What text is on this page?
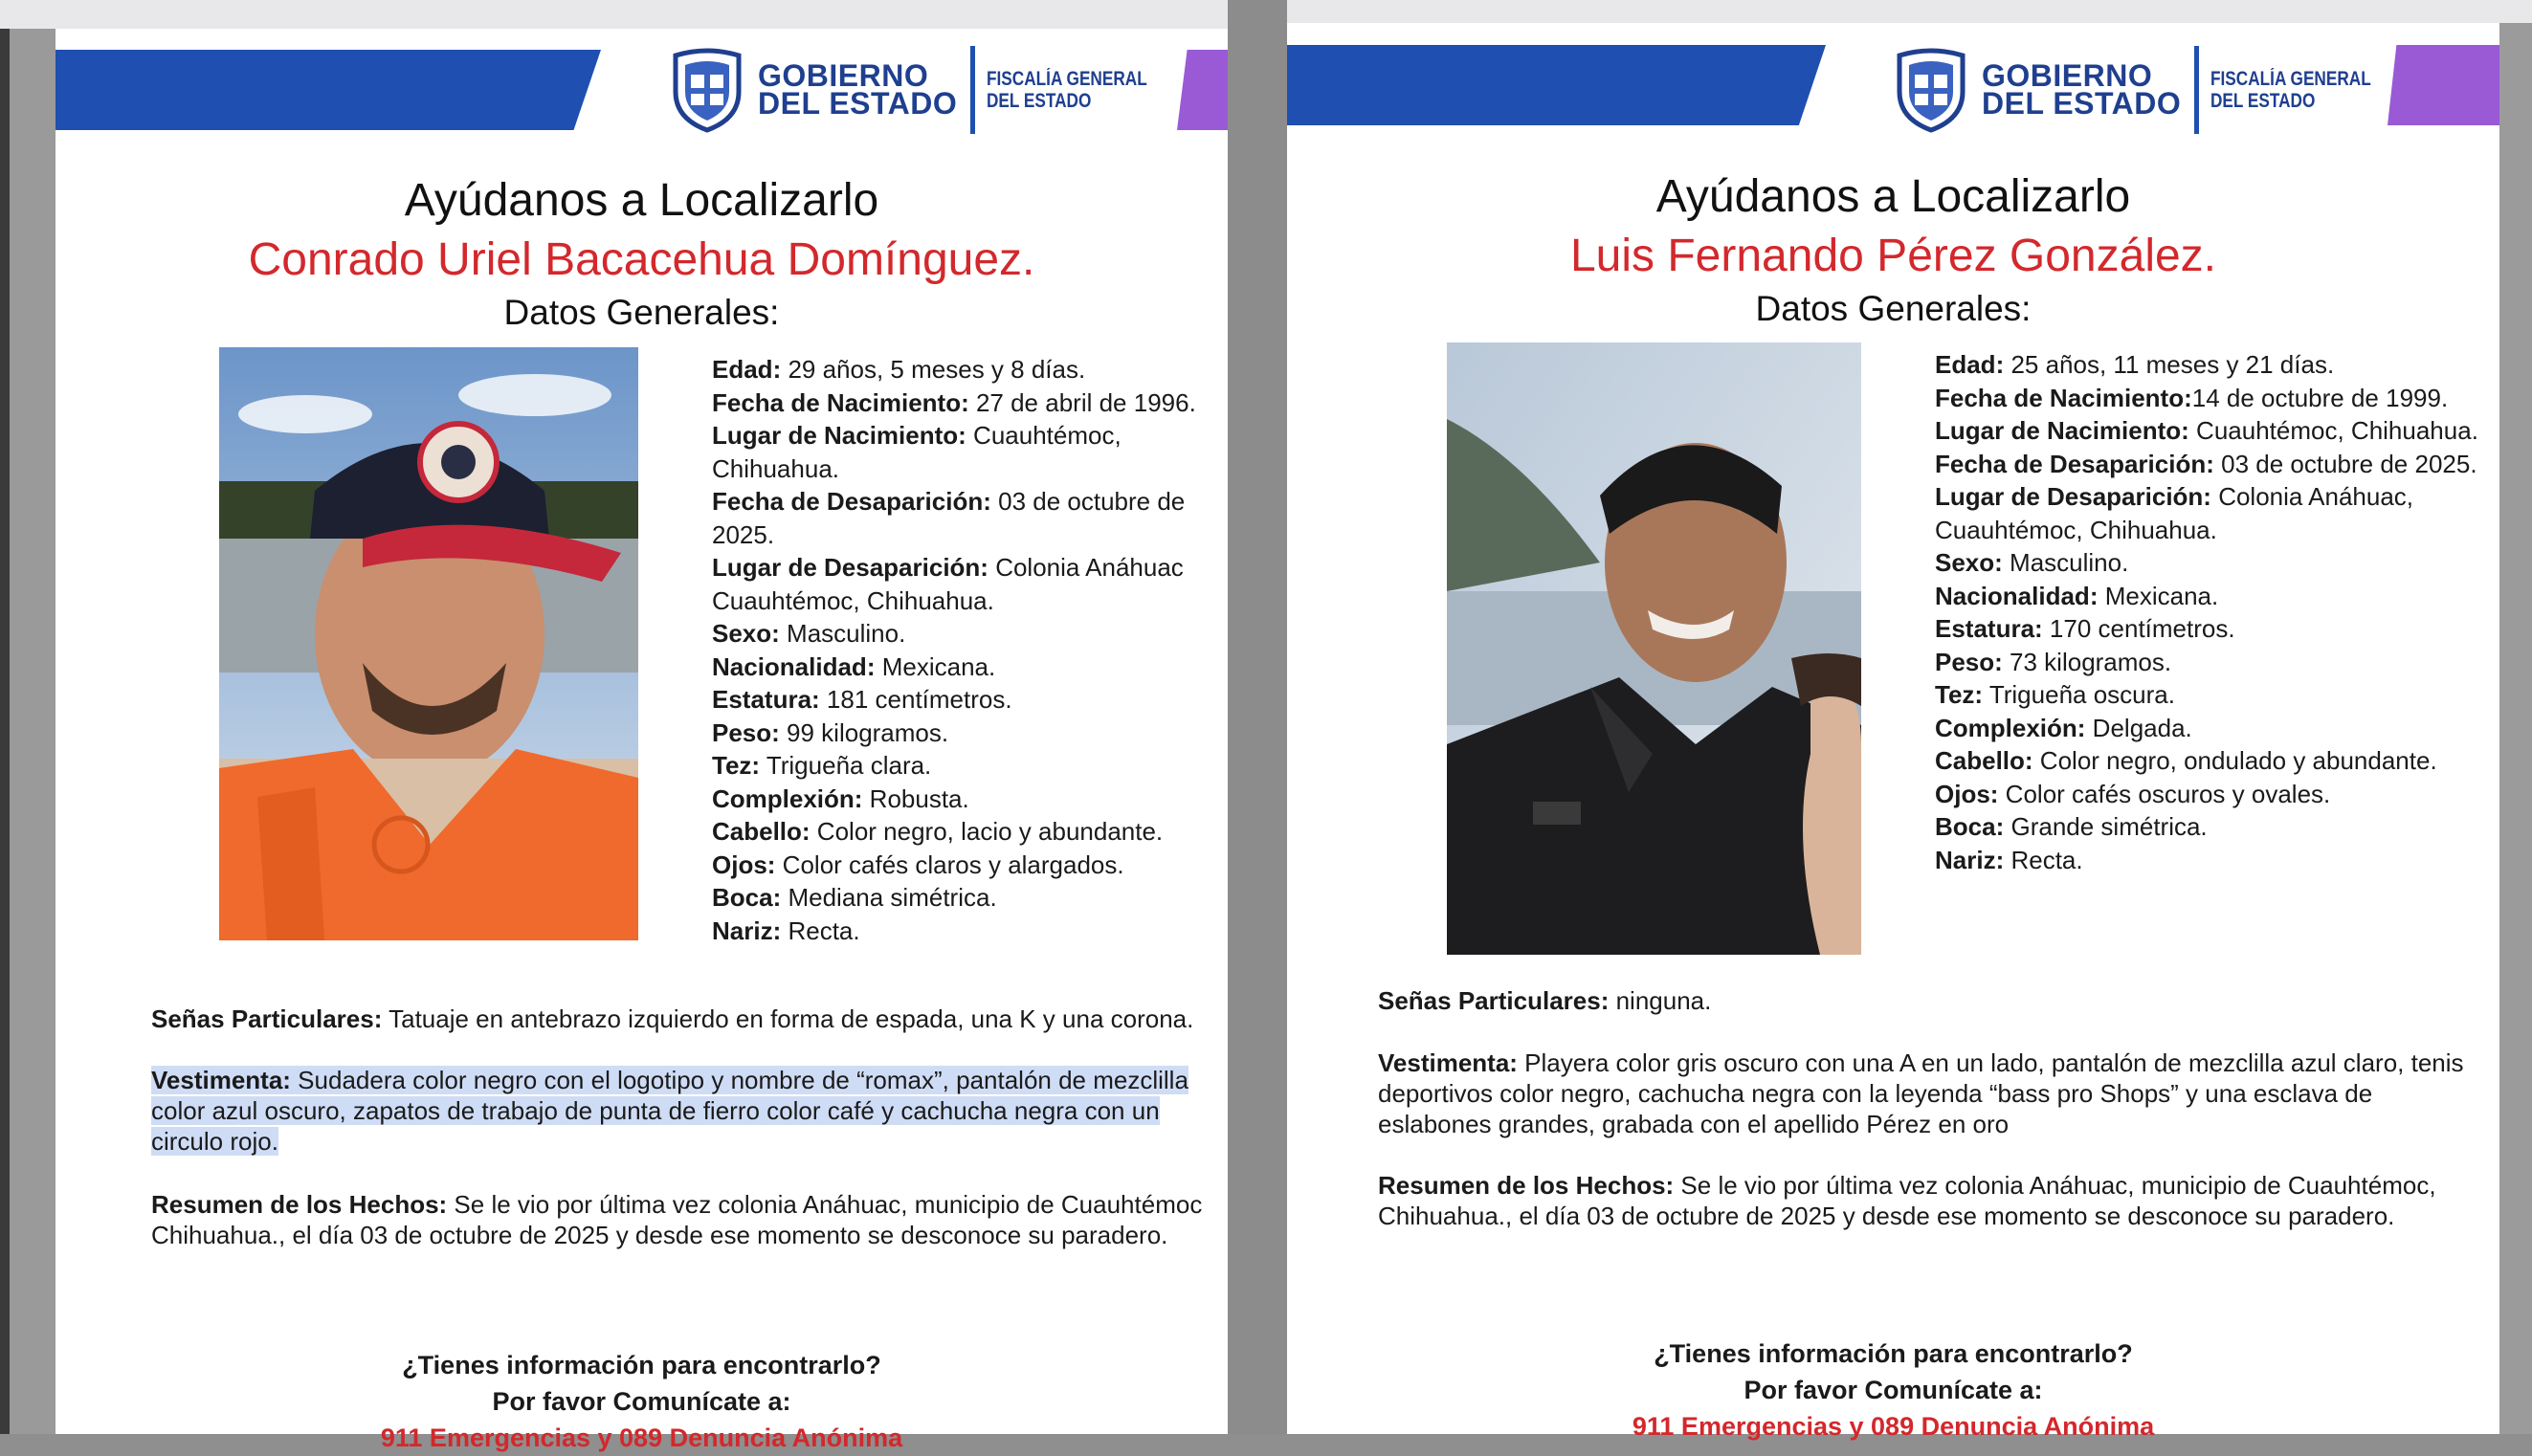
GOBIERNO
DEL ESTADO
FISCALÍA GENERAL
DEL ESTADO
Ayúdanos a Localizarlo
Conrado Uriel Bacacehua Domínguez.
Datos Generales:
Edad: 29 años, 5 meses y 8 días.
Fecha de Nacimiento: 27 de abril de 1996.
Lugar de Nacimiento: Cuauhtémoc, Chihuahua.
Fecha de Desaparición: 03 de octubre de 2025.
Lugar de Desaparición: Colonia Anáhuac Cuauhtémoc, Chihuahua.
Sexo: Masculino.
Nacionalidad: Mexicana.
Estatura: 181 centímetros.
Peso: 99 kilogramos.
Tez: Trigueña clara.
Complexión: Robusta.
Cabello: Color negro, lacio y abundante.
Ojos: Color cafés claros y alargados.
Boca: Mediana simétrica.
Nariz: Recta.
Señas Particulares: Tatuaje en antebrazo izquierdo en forma de espada, una K y una corona.
Vestimenta: Sudadera color negro con el logotipo y nombre de “romax”, pantalón de mezclilla color azul oscuro, zapatos de trabajo de punta de fierro color café y cachucha negra con un circulo rojo.
Resumen de los Hechos: Se le vio por última vez colonia Anáhuac, municipio de Cuauhtémoc Chihuahua., el día 03 de octubre de 2025 y desde ese momento se desconoce su paradero.
¿Tienes información para encontrarlo?
Por favor Comunícate a:
911 Emergencias y 089 Denuncia Anónima
GOBIERNO
DEL ESTADO
FISCALÍA GENERAL
DEL ESTADO
Ayúdanos a Localizarlo
Luis Fernando Pérez González.
Datos Generales:
Edad: 25 años, 11 meses y 21 días.
Fecha de Nacimiento:14 de octubre de 1999.
Lugar de Nacimiento: Cuauhtémoc, Chihuahua.
Fecha de Desaparición: 03 de octubre de 2025.
Lugar de Desaparición: Colonia Anáhuac, Cuauhtémoc, Chihuahua.
Sexo: Masculino.
Nacionalidad: Mexicana.
Estatura: 170 centímetros.
Peso: 73 kilogramos.
Tez: Trigueña oscura.
Complexión: Delgada.
Cabello: Color negro, ondulado y abundante.
Ojos: Color cafés oscuros y ovales.
Boca: Grande simétrica.
Nariz: Recta.
Señas Particulares: ninguna.
Vestimenta: Playera color gris oscuro con una A en un lado, pantalón de mezclilla azul claro, tenis deportivos color negro, cachucha negra con la leyenda “bass pro Shops” y una esclava de eslabones grandes, grabada con el apellido Pérez en oro
Resumen de los Hechos: Se le vio por última vez colonia Anáhuac, municipio de Cuauhtémoc, Chihuahua., el día 03 de octubre de 2025 y desde ese momento se desconoce su paradero.
¿Tienes información para encontrarlo?
Por favor Comunícate a:
911 Emergencias y 089 Denuncia Anónima
